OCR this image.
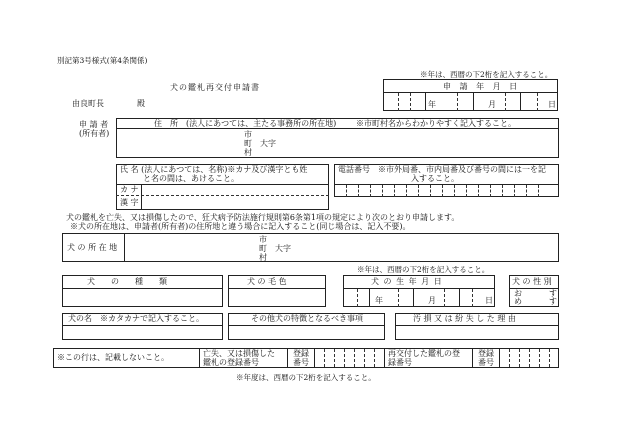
別記第3号様式(第4条関係)
犬の鑑札再交付申請書
由良町長	殿
※年は、西暦の下2桁を記入すること。
申 請 年 月 日
年	月	日
申 請 者
(所有者)
住　所　(法人にあつては、主たる事務所の所在地) ※市町村名からわかりやすく記入すること。
市
町　大字
村
氏 名 (法人にあつては、名称)※カナ及び漢字とも姓
と名の間は、あけること。
カ ナ
漢 字
電話番号　※市外局番、市内局番及び番号の間には一を記
入すること。
犬の鑑札を亡失、又は損傷したので、狂犬病予防法施行規則第6条第1項の規定により次のとおり申請します。
※犬の所在地は、申請者(所有者)の住所地と違う場合に記入すること(同じ場合は、記入不要)。
犬 の 所 在 地
市
町　大字
村
※年は、西暦の下2桁を記入すること。
犬　　の　　種　　類	犬 の 毛 色	犬 の 生 年 月 日
年	月	日
犬 の 性 別
お	す
め	す
犬の名　※カタカナで記入すること。	その他犬の特徴となるべき事項	汚 損 又 は 紛 失 し た 理 由
※この行は、記載しないこと。	亡失、又は損傷した
鑑札の登録番号
登録
番号
再交付した鑑札の登
録番号
登録
番号
※年度は、西暦の下2桁を記入すること。
